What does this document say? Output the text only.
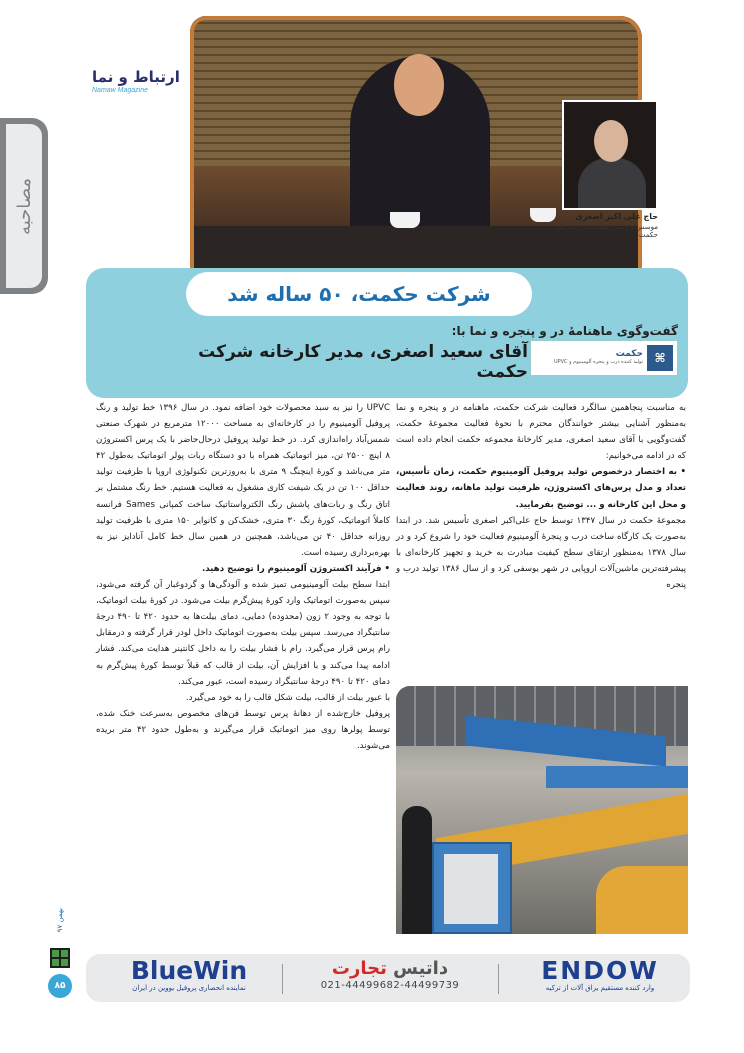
مصاحبه
ارتباط و نما
Namaw Magazine
حاج علی اکبر اصغری
موسس و رئیس هیئت‌مدیره شرکت حکمت
شرکت حکمت، ۵۰ ساله شد
گفت‌وگوی ماهنامۀ در و پنجره و نما با:
آقای سعید اصغری، مدیر کارخانه شرکت حکمت
⌘
حکمت
تولید کننده درب و پنجره آلومینیوم و UPVC

به مناسبت پنجاهمین سالگرد فعالیت شرکت حکمت، ماهنامه در و پنجره و نما به‌منظور آشنایی بیشتر خوانندگان محترم با نحوۀ فعالیت مجموعۀ حکمت، گفت‌وگویی با آقای سعید اصغری، مدیر کارخانۀ مجموعه حکمت انجام داده است که در ادامه می‌خوانیم:

• به اختصار درخصوص تولید پروفیل آلومینیوم حکمت، زمان تأسیس، تعداد و مدل پرس‌های اکستروژن، ظرفیت تولید ماهانه، روند فعالیت و محل این کارخانه و ... توضیح بفرمایید.

مجموعۀ حکمت در سال ۱۳۴۷ توسط حاج علی‌اکبر اصغری تأسیس شد. در ابتدا به‌صورت یک کارگاه ساخت درب و پنجرۀ آلومینیوم فعالیت خود را شروع کرد و در سال ۱۳۷۸ به‌منظور ارتقای سطح کیفیت مبادرت به خرید و تجهیز کارخانه‌ای با پیشرفته‌ترین ماشین‌آلات اروپایی در شهر یوسفی کرد و از سال ۱۳۸۶ تولید درب و پنجره

UPVC را نیز به سبد محصولات خود اضافه نمود. در سال ۱۳۹۶ خط تولید و رنگ پروفیل آلومینیوم را در کارخانه‌ای به مساحت ۱۲۰۰۰ مترمربع در شهرک صنعتی شمس‌آباد راه‌اندازی کرد. در خط تولید پروفیل درحال‌حاضر با یک پرس اکستروژن ۸ اینچ ۲۵۰۰ تن، میز اتوماتیک همراه با دو دستگاه ربات پولر اتوماتیک به‌طول ۴۲ متر می‌باشد و کورۀ اینچنگ ۹ متری با به‌روزترین تکنولوژی اروپا با ظرفیت تولید حداقل ۱۰۰ تن در یک شیفت کاری مشغول به فعالیت هستیم. خط رنگ مشتمل بر اتاق رنگ و ربات‌های پاشش رنگ الکترواستاتیک ساخت کمپانی Sames فرانسه کاملاً اتوماتیک، کورۀ رنگ ۳۰ متری، خشک‌کن و کانوایر ۱۵۰ متری با ظرفیت تولید روزانه حداقل ۴۰ تن می‌باشد، همچنین در همین سال خط کامل آنادایز نیز به بهره‌برداری رسیده است.

• فرآیند اکستروژن آلومینیوم را توضیح دهید.

ابتدا سطح بیلت آلومینیومی تمیز شده و آلودگی‌ها و گردوغبار آن گرفته می‌شود، سپس به‌صورت اتوماتیک وارد کورۀ پیش‌گرم بیلت می‌شود. در کورۀ بیلت اتوماتیک، با توجه به وجود ۲ زون (محدوده) دمایی، دمای بیلت‌ها به حدود ۴۲۰ تا ۴۹۰ درجۀ سانتیگراد می‌رسد. سپس بیلت به‌صورت اتوماتیک داخل لودر قرار گرفته و درمقابل رام پرس قرار می‌گیرد. رام با فشار بیلت را به داخل کانتینر هدایت می‌کند. فشار ادامه پیدا می‌کند و با افزایش آن، بیلت از قالب که قبلاً توسط کورۀ پیش‌گرم به دمای ۴۲۰ تا ۴۹۰ درجۀ سانتیگراد رسیده است، عبور می‌کند.

با عبور بیلت از قالب، بیلت شکل قالب را به خود می‌گیرد.

پروفیل خارج‌شده از دهانۀ پرس توسط فن‌های مخصوص به‌سرعت خنک شده، توسط پولرها روی میز اتوماتیک قرار می‌گیرند و به‌طول حدود ۴۲ متر بریده می‌شوند.

بهمن ۹۷
۸۵
BlueWin
نماینده انحصاری پروفیل یووین در ایران
داتیس تجارت
021-44499682-44499739
ENDOW
وارد کننده مستقیم یراق آلات از ترکیه
